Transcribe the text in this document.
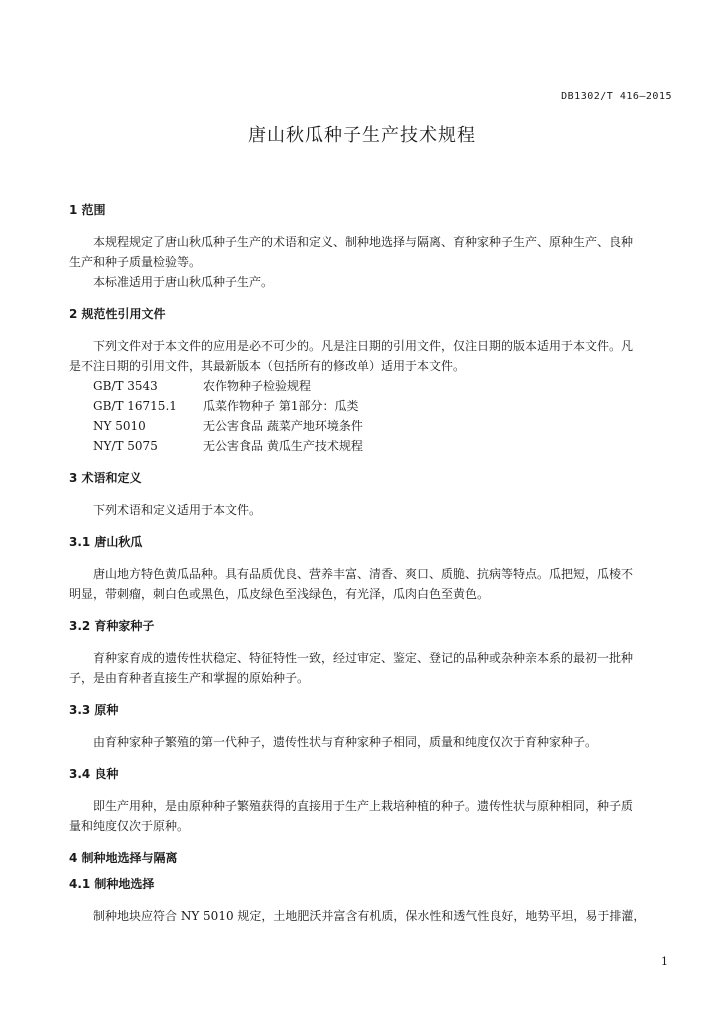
DB1302/T 416—2015
唐山秋瓜种子生产技术规程
1 范围
本规程规定了唐山秋瓜种子生产的术语和定义、制种地选择与隔离、育种家种子生产、原种生产、良种
生产和种子质量检验等。
本标准适用于唐山秋瓜种子生产。
2 规范性引用文件
下列文件对于本文件的应用是必不可少的。凡是注日期的引用文件，仅注日期的版本适用于本文件。凡
是不注日期的引用文件，其最新版本（包括所有的修改单）适用于本文件。
GB/T 3543	农作物种子检验规程
GB/T 16715.1	瓜菜作物种子 第1部分：瓜类
NY 5010	无公害食品 蔬菜产地环境条件
NY/T 5075	无公害食品 黄瓜生产技术规程
3 术语和定义
下列术语和定义适用于本文件。
3.1 唐山秋瓜
唐山地方特色黄瓜品种。具有品质优良、营养丰富、清香、爽口、质脆、抗病等特点。瓜把短，瓜棱不
明显，带刺瘤，刺白色或黑色，瓜皮绿色至浅绿色，有光泽，瓜肉白色至黄色。
3.2 育种家种子
育种家育成的遗传性状稳定、特征特性一致，经过审定、鉴定、登记的品种或杂种亲本系的最初一批种
子，是由育种者直接生产和掌握的原始种子。
3.3 原种
由育种家种子繁殖的第一代种子，遗传性状与育种家种子相同，质量和纯度仅次于育种家种子。
3.4 良种
即生产用种，是由原种种子繁殖获得的直接用于生产上栽培种植的种子。遗传性状与原种相同，种子质
量和纯度仅次于原种。
4 制种地选择与隔离
4.1 制种地选择
制种地块应符合 NY 5010 规定，土地肥沃并富含有机质，保水性和透气性良好，地势平坦，易于排灌，
1
